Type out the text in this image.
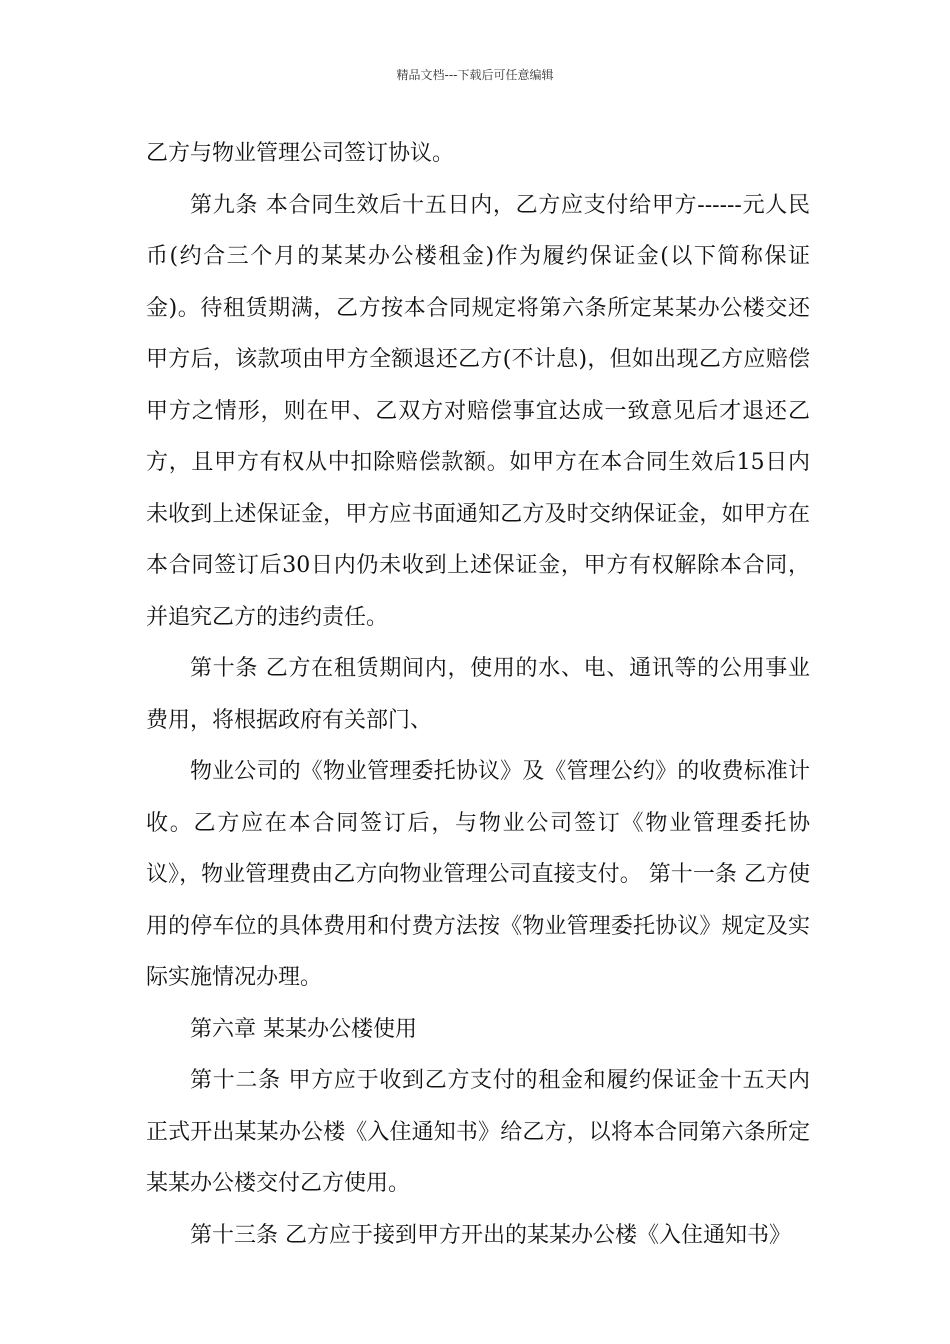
精品文档---下载后可任意编辑

乙方与物业管理公司签订协议。

第九条 本合同生效后十五日内，乙方应支付给甲方------元人民币(约合三个月的某某办公楼租金)作为履约保证金(以下简称保证金)。待租赁期满，乙方按本合同规定将第六条所定某某办公楼交还甲方后，该款项由甲方全额退还乙方(不计息)，但如出现乙方应赔偿甲方之情形，则在甲、乙双方对赔偿事宜达成一致意见后才退还乙方，且甲方有权从中扣除赔偿款额。如甲方在本合同生效后15日内未收到上述保证金，甲方应书面通知乙方及时交纳保证金，如甲方在本合同签订后30日内仍未收到上述保证金，甲方有权解除本合同，并追究乙方的违约责任。

第十条 乙方在租赁期间内，使用的水、电、通讯等的公用事业费用，将根据政府有关部门、

物业公司的《物业管理委托协议》及《管理公约》的收费标准计收。乙方应在本合同签订后，与物业公司签订《物业管理委托协议》，物业管理费由乙方向物业管理公司直接支付。 第十一条 乙方使用的停车位的具体费用和付费方法按《物业管理委托协议》规定及实际实施情况办理。

第六章 某某办公楼使用

第十二条 甲方应于收到乙方支付的租金和履约保证金十五天内正式开出某某办公楼《入住通知书》给乙方，以将本合同第六条所定某某办公楼交付乙方使用。

第十三条 乙方应于接到甲方开出的某某办公楼《入住通知书》
